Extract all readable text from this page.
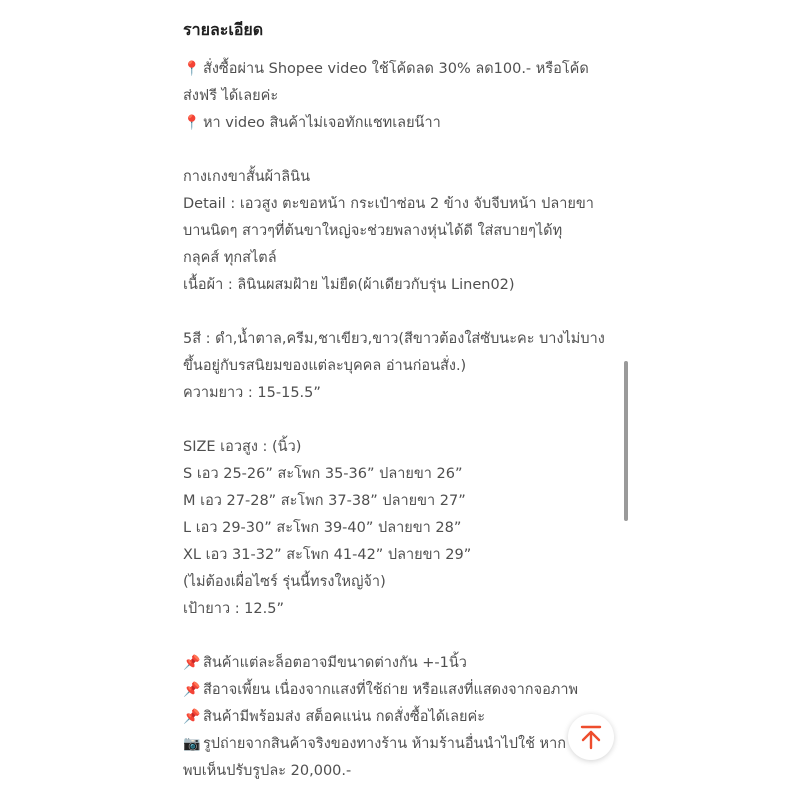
รายละเอียด
📍 สั่งซื้อผ่าน Shopee video ใช้โค้ดลด 30% ลด100.- หรือโค้ด
ส่งฟรี ได้เลยค่ะ
📍 หา video สินค้าไม่เจอทักแชทเลยน๊าา
กางเกงขาสั้นผ้าลินิน
Detail : เอวสูง ตะขอหน้า กระเป๋าซ่อน 2 ข้าง จับจีบหน้า ปลายขา
บานนิดๆ สาวๆที่ต้นขาใหญ่จะช่วยพลางหุ่นได้ดี ใส่สบายๆได้ทุ
กลุคส์ ทุกสไตล์
เนื้อผ้า : ลินินผสมฝ้าย ไม่ยืด(ผ้าเดียวกับรุ่น Linen02)
5สี : ดำ,น้ำตาล,ครีม,ชาเขียว,ขาว(สีขาวต้องใส่ซับนะคะ บางไม่บาง
ขึ้นอยู่กับรสนิยมของแต่ละบุคคล อ่านก่อนสั่ง.)
ความยาว : 15-15.5”
SIZE เอวสูง : (นิ้ว)
S เอว 25-26” สะโพก 35-36” ปลายขา 26”
M เอว 27-28” สะโพก 37-38” ปลายขา 27”
L เอว 29-30” สะโพก 39-40” ปลายขา 28”
XL เอว 31-32” สะโพก 41-42” ปลายขา 29”
(ไม่ต้องเผื่อไซร์ รุ่นนี้ทรงใหญ่จ้า)
เป้ายาว : 12.5”
📌 สินค้าแต่ละล็อตอาจมีขนาดต่างกัน +-1นิ้ว
📌 สีอาจเพี้ยน เนื่องจากแสงที่ใช้ถ่าย หรือแสงที่แสดงจากจอภาพ
📌 สินค้ามีพร้อมส่ง สต็อคแน่น กดสั่งซื้อได้เลยค่ะ
📷 รูปถ่ายจากสินค้าจริงของทางร้าน ห้ามร้านอื่นนำไปใช้ หาก
พบเห็นปรับรูปละ 20,000.-
